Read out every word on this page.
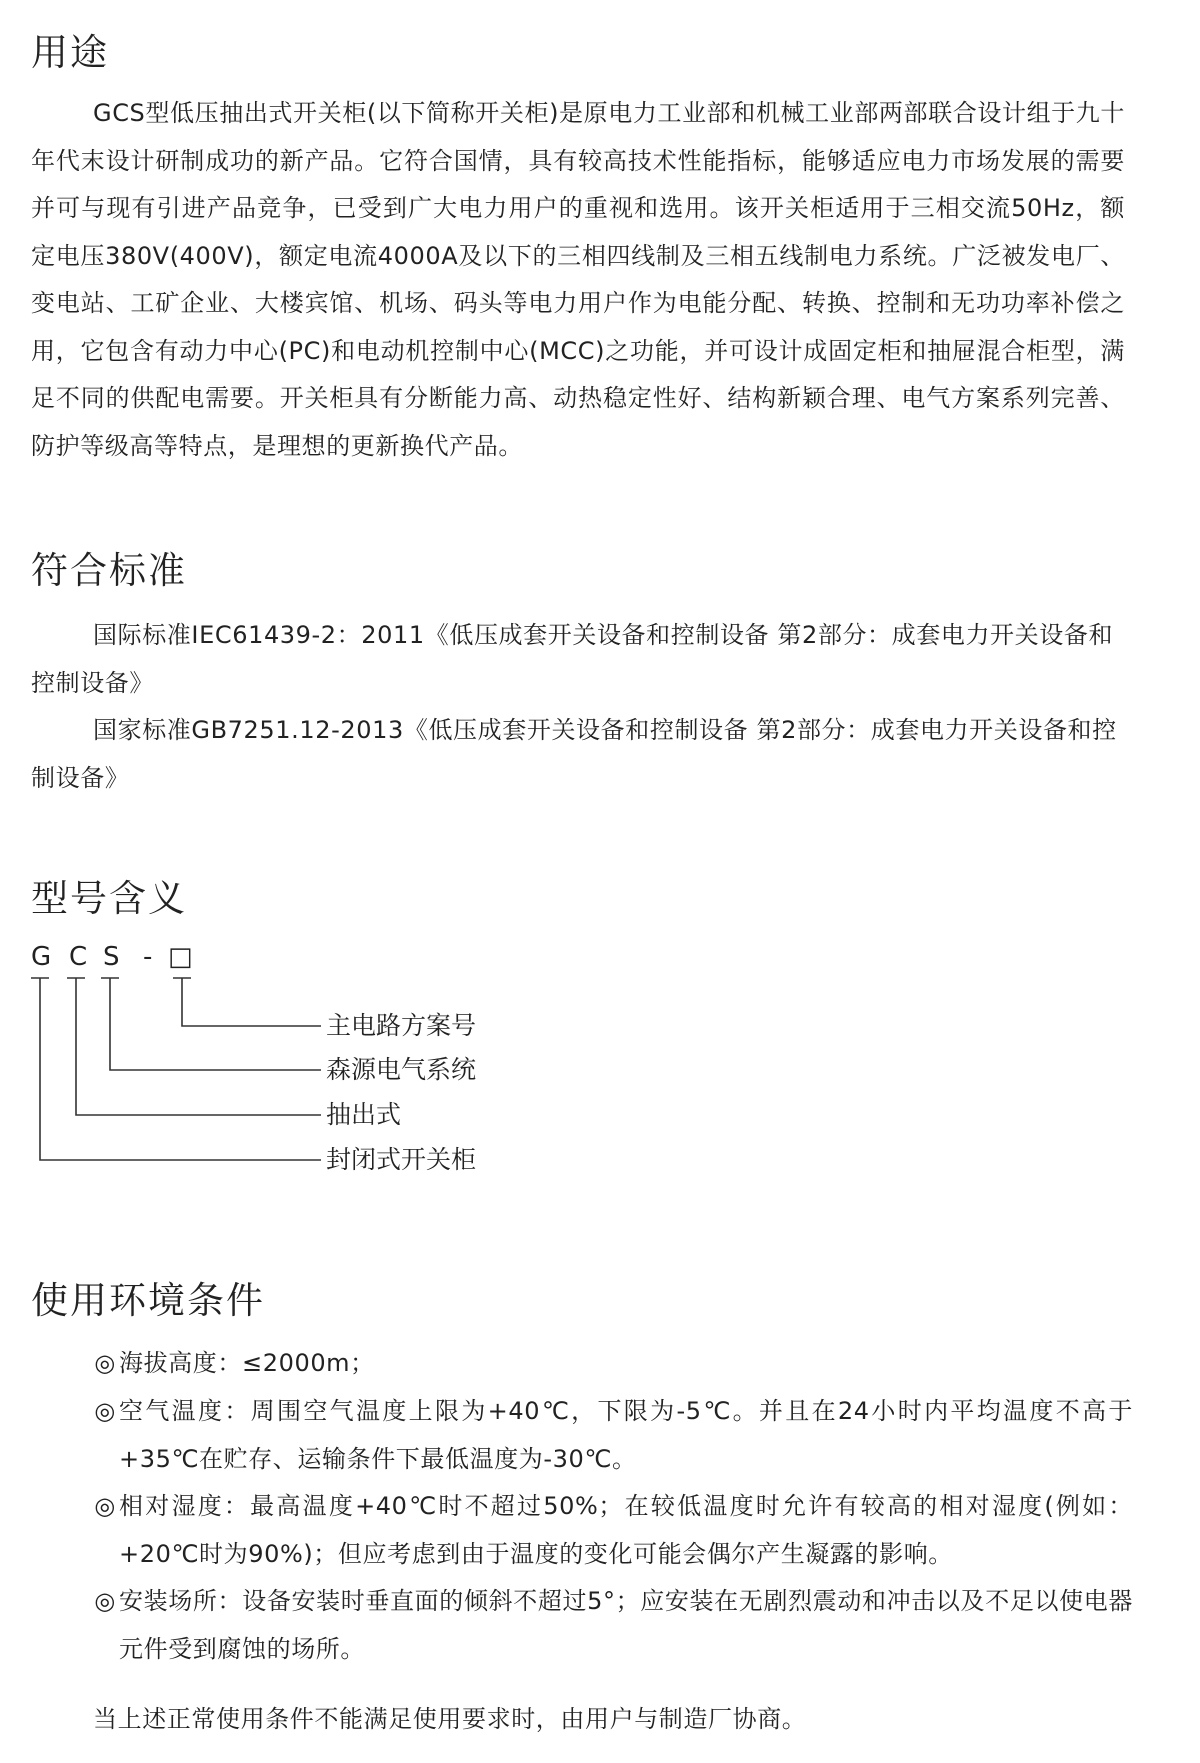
用途

GCS型低压抽出式开关柜(以下简称开关柜)是原电力工业部和机械工业部两部联合设计组于九十年代末设计研制成功的新产品。它符合国情，具有较高技术性能指标，能够适应电力市场发展的需要并可与现有引进产品竞争，已受到广大电力用户的重视和选用。该开关柜适用于三相交流50Hz，额定电压380V(400V)，额定电流4000A及以下的三相四线制及三相五线制电力系统。广泛被发电厂、变电站、工矿企业、大楼宾馆、机场、码头等电力用户作为电能分配、转换、控制和无功功率补偿之用，它包含有动力中心(PC)和电动机控制中心(MCC)之功能，并可设计成固定柜和抽屉混合柜型，满足不同的供配电需要。开关柜具有分断能力高、动热稳定性好、结构新颖合理、电气方案系列完善、防护等级高等特点，是理想的更新换代产品。

符合标准

国际标准IEC61439-2：2011《低压成套开关设备和控制设备 第2部分：成套电力开关设备和控制设备》

国家标准GB7251.12-2013《低压成套开关设备和控制设备 第2部分：成套电力开关设备和控制设备》

型号含义
G C S - □
主电路方案号
森源电气系统
抽出式
封闭式开关柜
使用环境条件
◎ 海拔高度：≤2000m；
◎ 空气温度：周围空气温度上限为+40℃，下限为-5℃。并且在24小时内平均温度不高于+35℃在贮存、运输条件下最低温度为-30℃。
◎ 相对湿度：最高温度+40℃时不超过50%；在较低温度时允许有较高的相对湿度(例如：+20℃时为90%)；但应考虑到由于温度的变化可能会偶尔产生凝露的影响。
◎ 安装场所：设备安装时垂直面的倾斜不超过5°；应安装在无剧烈震动和冲击以及不足以使电器元件受到腐蚀的场所。

当上述正常使用条件不能满足使用要求时，由用户与制造厂协商。
